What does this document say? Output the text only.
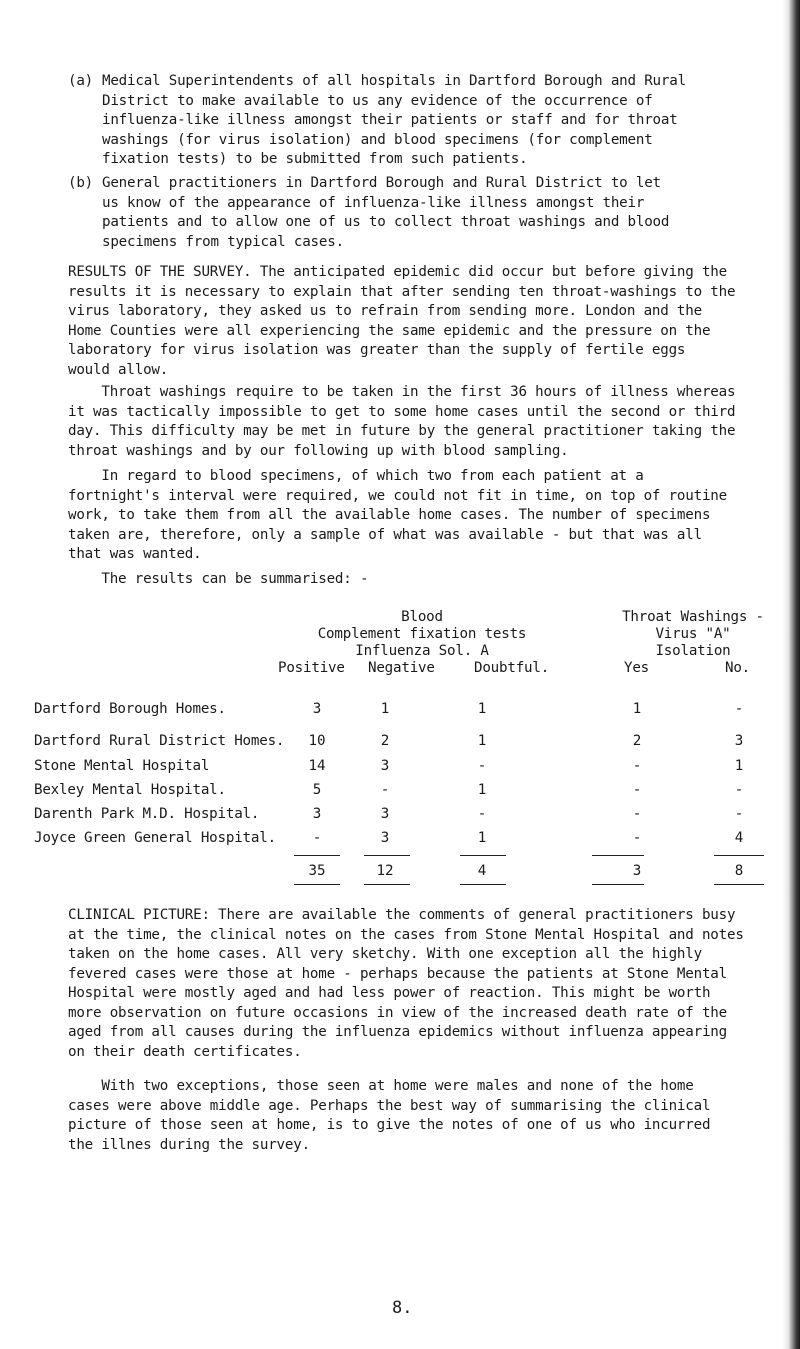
(a) Medical Superintendents of all hospitals in Dartford Borough and Rural
District to make available to us any evidence of the occurrence of
influenza-like illness amongst their patients or staff and for throat
washings (for virus isolation) and blood specimens (for complement
fixation tests) to be submitted from such patients.
(b) General practitioners in Dartford Borough and Rural District to let
us know of the appearance of influenza-like illness amongst their
patients and to allow one of us to collect throat washings and blood
specimens from typical cases.
RESULTS OF THE SURVEY. The anticipated epidemic did occur but before giving the
results it is necessary to explain that after sending ten throat-washings to the
virus laboratory, they asked us to refrain from sending more. London and the
Home Counties were all experiencing the same epidemic and the pressure on the
laboratory for virus isolation was greater than the supply of fertile eggs
would allow.
Throat washings require to be taken in the first 36 hours of illness whereas
it was tactically impossible to get to some home cases until the second or third
day. This difficulty may be met in future by the general practitioner taking the
throat washings and by our following up with blood sampling.
In regard to blood specimens, of which two from each patient at a
fortnight's interval were required, we could not fit in time, on top of routine
work, to take them from all the available home cases. The number of specimens
taken are, therefore, only a sample of what was available - but that was all
that was wanted.
The results can be summarised: -
Blood
Complement fixation tests
Influenza Sol. A
Throat Washings -
Virus "A"
Isolation
Positive Negative	Doubtful.	Yes	No.
Dartford Borough Homes.	3	1	1	1	-
Dartford Rural District Homes.	10	2	1	2	3
Stone Mental Hospital	14	3	-	-	1
Bexley Mental Hospital.	5	-	1	-	-
Darenth Park M.D. Hospital.	3	3	-	-	-
Joyce Green General Hospital.	-	3	1	-	4
35	12	4	3	8
CLINICAL PICTURE: There are available the comments of general practitioners busy
at the time, the clinical notes on the cases from Stone Mental Hospital and notes
taken on the home cases. All very sketchy. With one exception all the highly
fevered cases were those at home - perhaps because the patients at Stone Mental
Hospital were mostly aged and had less power of reaction. This might be worth
more observation on future occasions in view of the increased death rate of the
aged from all causes during the influenza epidemics without influenza appearing
on their death certificates.
With two exceptions, those seen at home were males and none of the home
cases were above middle age. Perhaps the best way of summarising the clinical
picture of those seen at home, is to give the notes of one of us who incurred
the illnes during the survey.
8.
